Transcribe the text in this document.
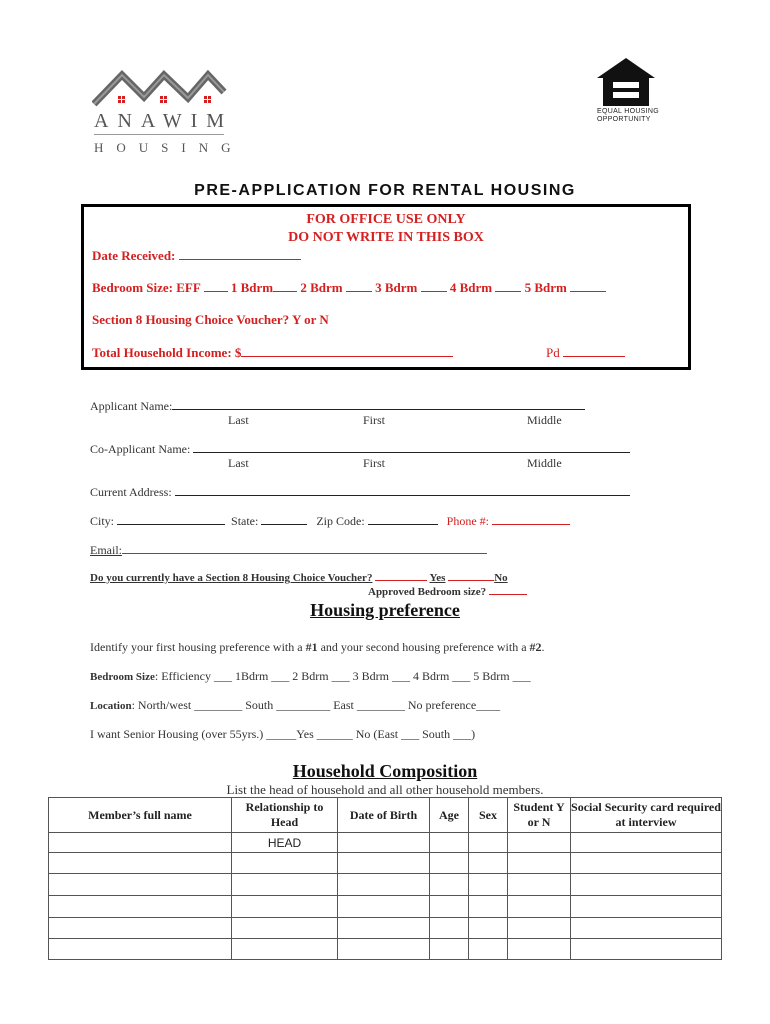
ANAWIM
HOUSING
EQUAL HOUSING
OPPORTUNITY
PRE-APPLICATION FOR RENTAL HOUSING
FOR OFFICE USE ONLY
DO NOT WRITE IN THIS BOX
Date Received:
Bedroom Size: EFF 1 Bdrm 2 Bdrm	3 Bdrm	4 Bdrm	5 Bdrm
Section 8 Housing Choice Voucher? Y or N
Total Household Income: $	Pd
Applicant Name:
Last	First	Middle
Co-Applicant Name:
Last	First	Middle
Current Address:
City:	State:	Zip Code:	Phone #:
Email:
Do you currently have a Section 8 Housing Choice Voucher?	Yes	No
Approved Bedroom size?
Housing preference
Identify your first housing preference with a #1 and your second housing preference with a #2.
Bedroom Size: Efficiency ___ 1Bdrm ___ 2 Bdrm ___ 3 Bdrm ___ 4 Bdrm ___ 5 Bdrm ___
Location: North/west ________ South _________ East ________ No preference____
I want Senior Housing (over 55yrs.) _____Yes ______ No (East ___ South ___)
Household Composition
List the head of household and all other household members.
Member’s full name	Relationship to Head	Date of Birth	Age	Sex	Student Y or N	Social Security card required at interview
	HEAD					
